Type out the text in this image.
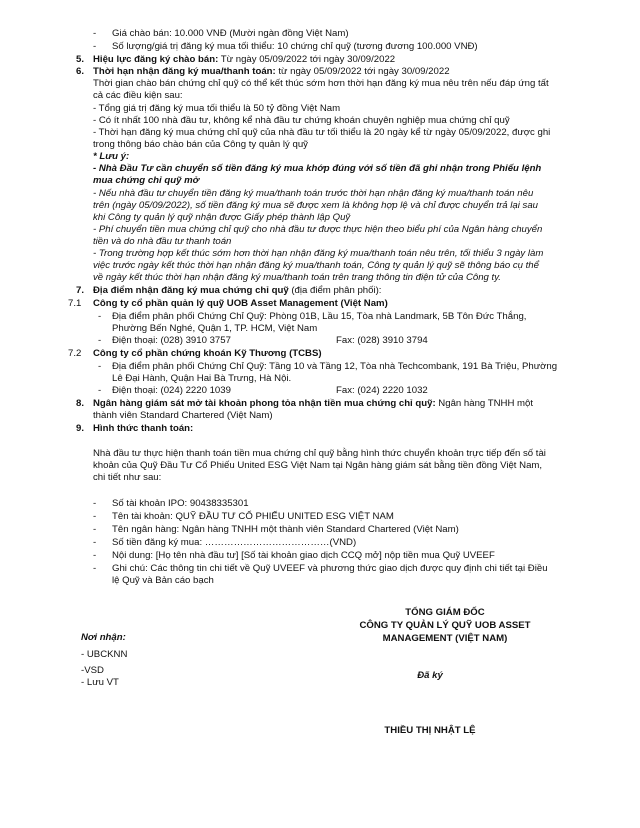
- Giá chào bán: 10.000 VNĐ (Mười ngàn đồng Việt Nam)
- Số lượng/giá trị đăng ký mua tối thiểu: 10 chứng chỉ quỹ (tương đương 100.000 VNĐ)
5. Hiệu lực đăng ký chào bán: Từ ngày 05/09/2022 tới ngày 30/09/2022
6. Thời hạn nhận đăng ký mua/thanh toán: từ ngày 05/09/2022 tới ngày 30/09/2022
Thời gian chào bán chứng chỉ quỹ có thể kết thúc sớm hơn thời hạn đăng ký mua nêu trên nếu đáp ứng tất
cả các điều kiện sau:
- Tổng giá trị đăng ký mua tối thiểu là 50 tỷ đồng Việt Nam
- Có ít nhất 100 nhà đầu tư, không kể nhà đầu tư chứng khoán chuyên nghiệp mua chứng chỉ quỹ
- Thời hạn đăng ký mua chứng chỉ quỹ của nhà đầu tư tối thiểu là 20 ngày kể từ ngày 05/09/2022, được ghi
trong thông báo chào bán của Công ty quản lý quỹ
* Lưu ý:
- Nhà Đầu Tư cần chuyển số tiền đăng ký mua khớp đúng với số tiền đã ghi nhận trong Phiếu lệnh
mua chứng chỉ quỹ mở
- Nếu nhà đầu tư chuyển tiền đăng ký mua/thanh toán trước thời hạn nhận đăng ký mua/thanh toán nêu
trên (ngày 05/09/2022), số tiền đăng ký mua sẽ được xem là không hợp lệ và chỉ được chuyển trả lại sau
khi Công ty quản lý quỹ nhận được Giấy phép thành lập Quỹ
- Phí chuyển tiền mua chứng chỉ quỹ cho nhà đầu tư được thực hiện theo biểu phí của Ngân hàng chuyển
tiền và do nhà đầu tư thanh toán
- Trong trường hợp kết thúc sớm hơn thời hạn nhận đăng ký mua/thanh toán nêu trên, tối thiểu 3 ngày làm
việc trước ngày kết thúc thời hạn nhận đăng ký mua/thanh toán, Công ty quản lý quỹ sẽ thông báo cụ thể
về ngày kết thúc thời hạn nhận đăng ký mua/thanh toán trên trang thông tin điện tử của Công ty.
7. Địa điểm nhận đăng ký mua chứng chỉ quỹ (địa điểm phân phối):
7.1	Công ty cổ phần quản lý quỹ UOB Asset Management (Việt Nam)
- Địa điểm phân phối Chứng Chỉ Quỹ: Phòng 01B, Lầu 15, Tòa nhà Landmark, 5B Tôn Đức Thắng,
Phường Bến Nghé, Quận 1, TP. HCM, Việt Nam
- Điện thoại: (028) 3910 3757	Fax: (028) 3910 3794
7.2	Công ty cổ phần chứng khoán Kỹ Thương (TCBS)
- Địa điểm phân phối Chứng Chỉ Quỹ: Tầng 10 và Tầng 12, Tòa nhà Techcombank, 191 Bà Triệu, Phường
Lê Đại Hành, Quận Hai Bà Trưng, Hà Nội.
- Điện thoại: (024) 2220 1039	Fax: (024) 2220 1032
8. Ngân hàng giám sát mở tài khoản phong tỏa nhận tiền mua chứng chỉ quỹ: Ngân hàng TNHH một
thành viên Standard Chartered (Việt Nam)
9. Hình thức thanh toán:
Nhà đầu tư thực hiện thanh toán tiền mua chứng chỉ quỹ bằng hình thức chuyển khoản trực tiếp đến số tài
khoản của Quỹ Đầu Tư Cổ Phiếu United ESG Việt Nam tại Ngân hàng giám sát bằng tiền đồng Việt Nam,
chi tiết như sau:
- Số tài khoản IPO: 90438335301
- Tên tài khoản: QUỸ ĐẦU TƯ CỔ PHIẾU UNITED ESG VIỆT NAM
- Tên ngân hàng: Ngân hàng TNHH một thành viên Standard Chartered (Việt Nam)
- Số tiền đăng ký mua: …………………………………(VND)
- Nội dung: [Họ tên nhà đầu tư] [Số tài khoản giao dịch CCQ mở] nộp tiền mua Quỹ UVEEF
- Ghi chú: Các thông tin chi tiết về Quỹ UVEEF và phương thức giao dịch được quy định chi tiết tại Điều
lệ Quỹ và Bản cáo bạch
TỔNG GIÁM ĐỐC
CÔNG TY QUẢN LÝ QUỸ UOB ASSET
MANAGEMENT (VIỆT NAM)
Đã ký
THIỀU THỊ NHẬT LỆ
Nơi nhận:
- UBCKNN
-VSD
- Lưu VT
